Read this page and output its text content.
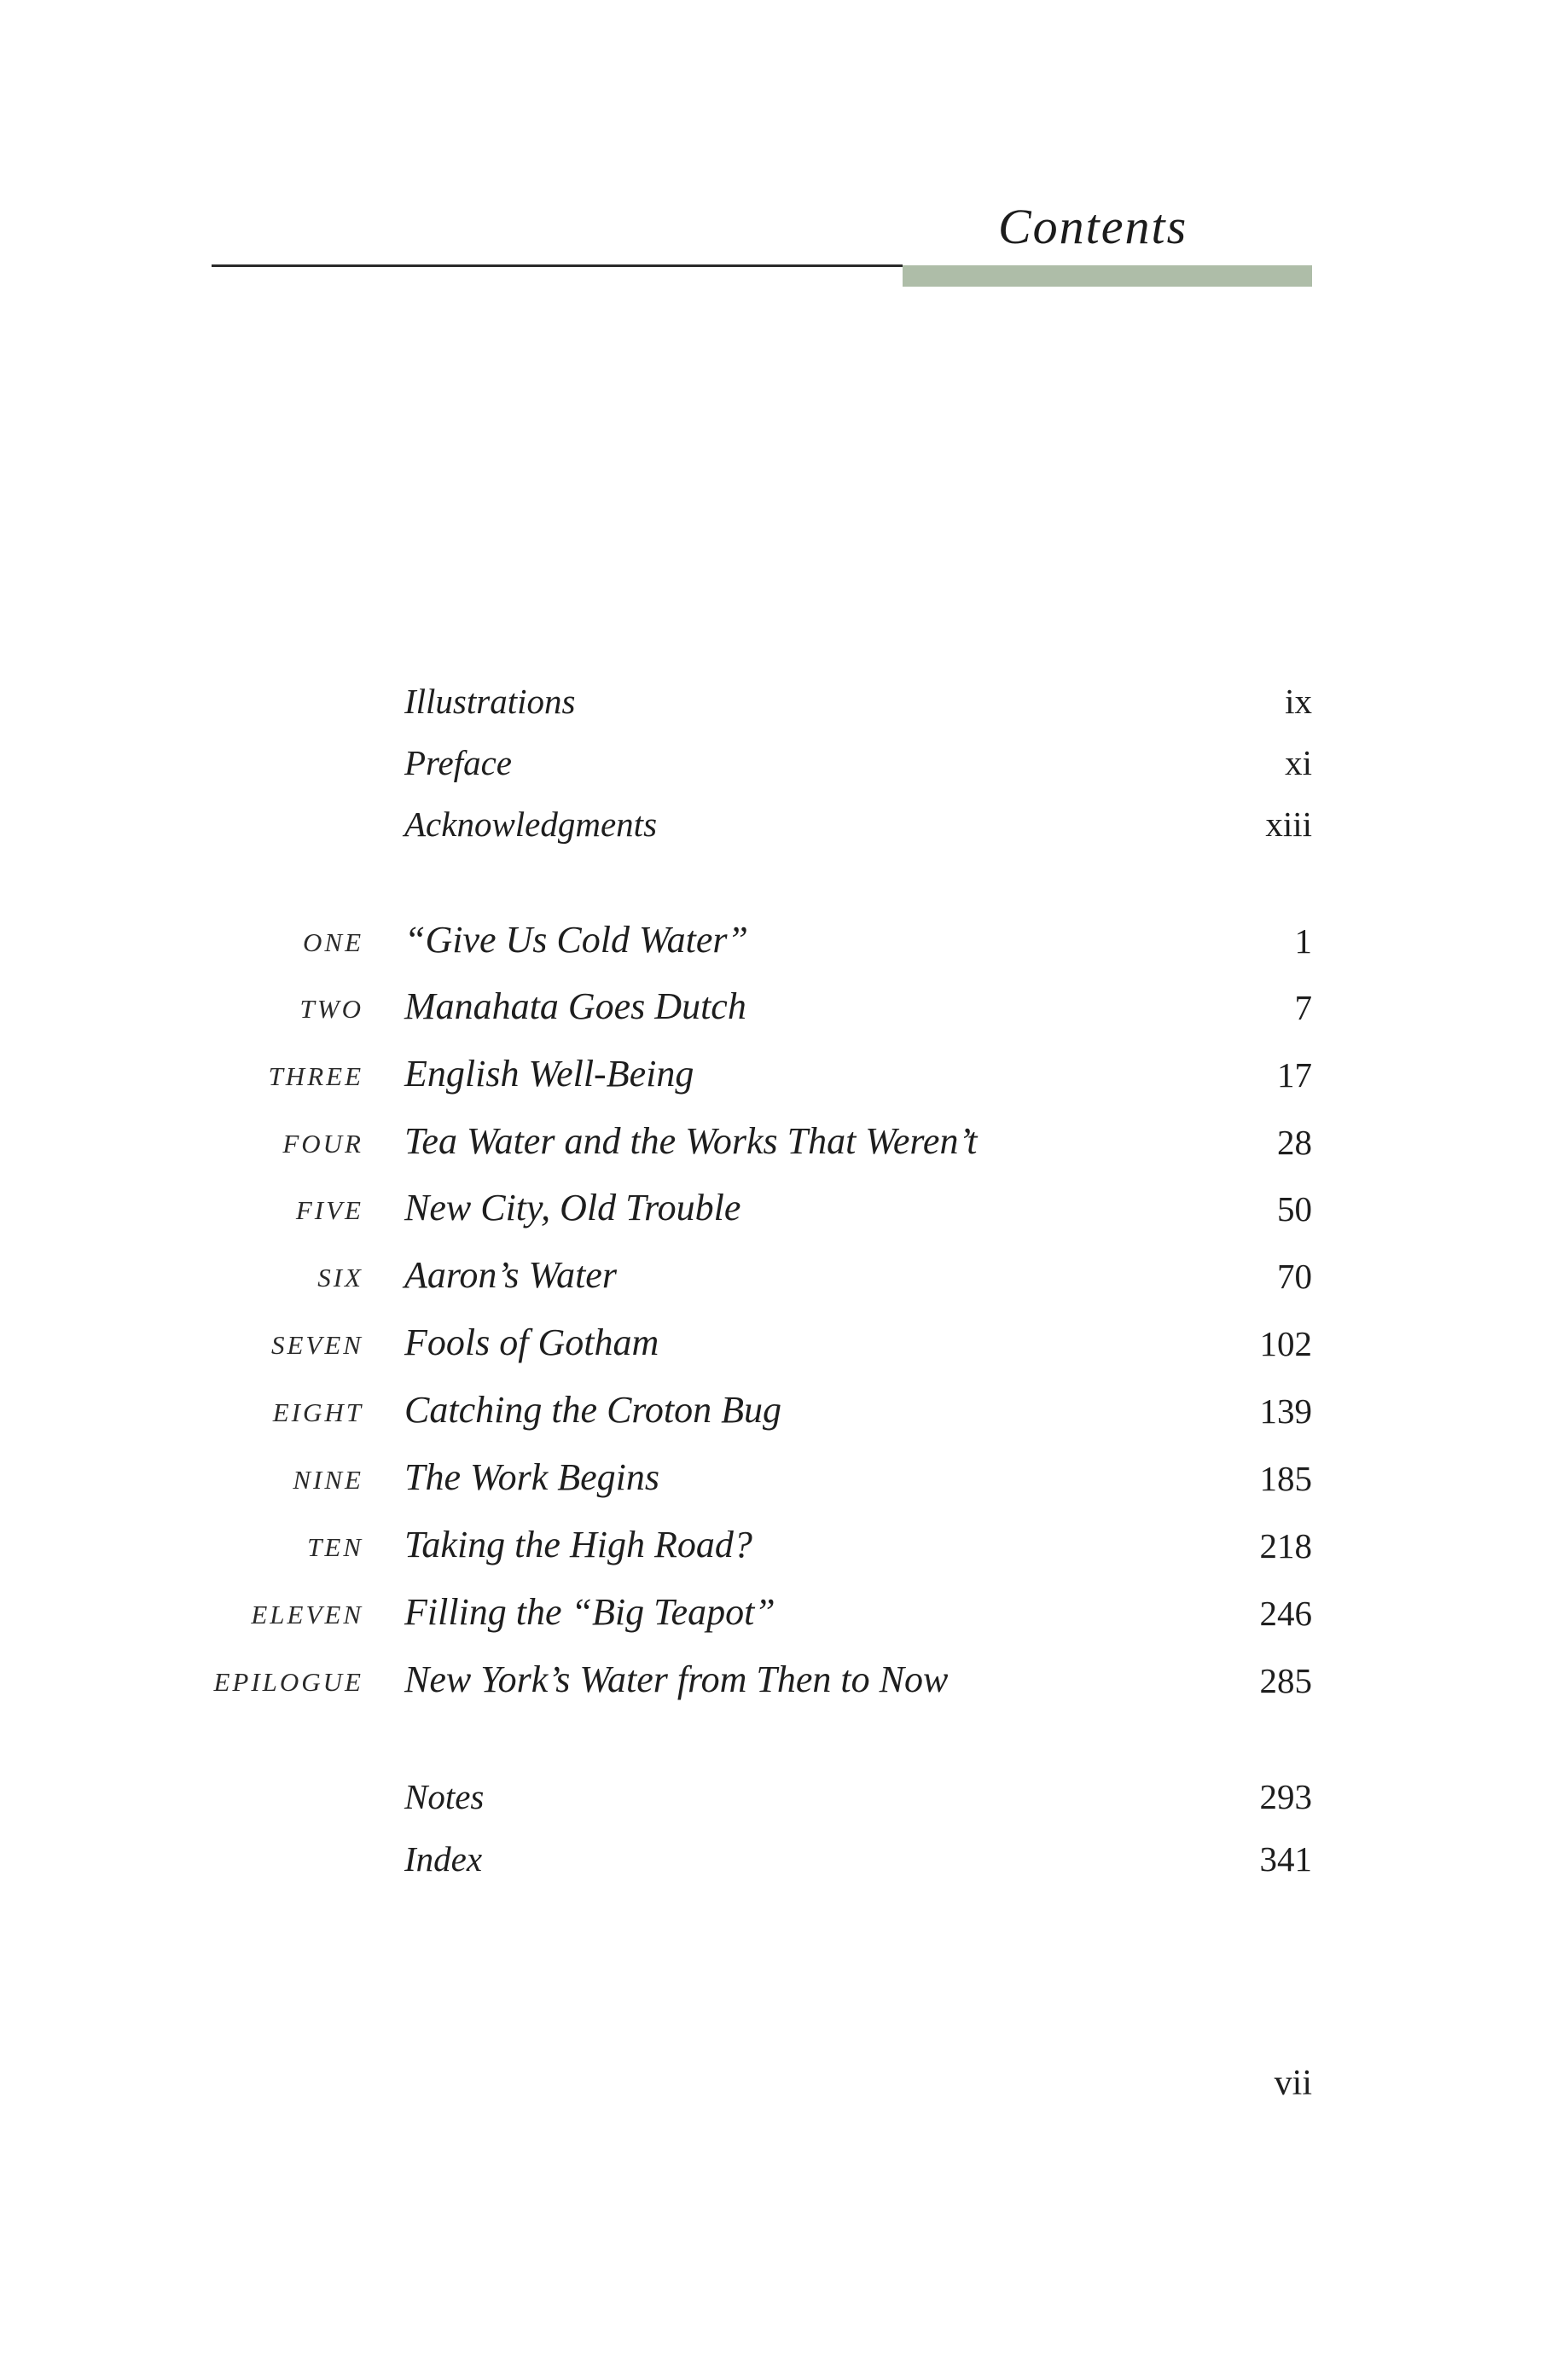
Contents
Illustrations	ix
Preface	xi
Acknowledgments	xiii
ONE “Give Us Cold Water”	1
TWO Manahata Goes Dutch	7
THREE English Well-Being	17
FOUR Tea Water and the Works That Weren’t	28
FIVE New City, Old Trouble	50
SIX Aaron’s Water	70
SEVEN Fools of Gotham	102
EIGHT Catching the Croton Bug	139
NINE The Work Begins	185
TEN Taking the High Road?	218
ELEVEN Filling the “Big Teapot”	246
EPILOGUE New York’s Water from Then to Now	285
Notes	293
Index	341
vii
